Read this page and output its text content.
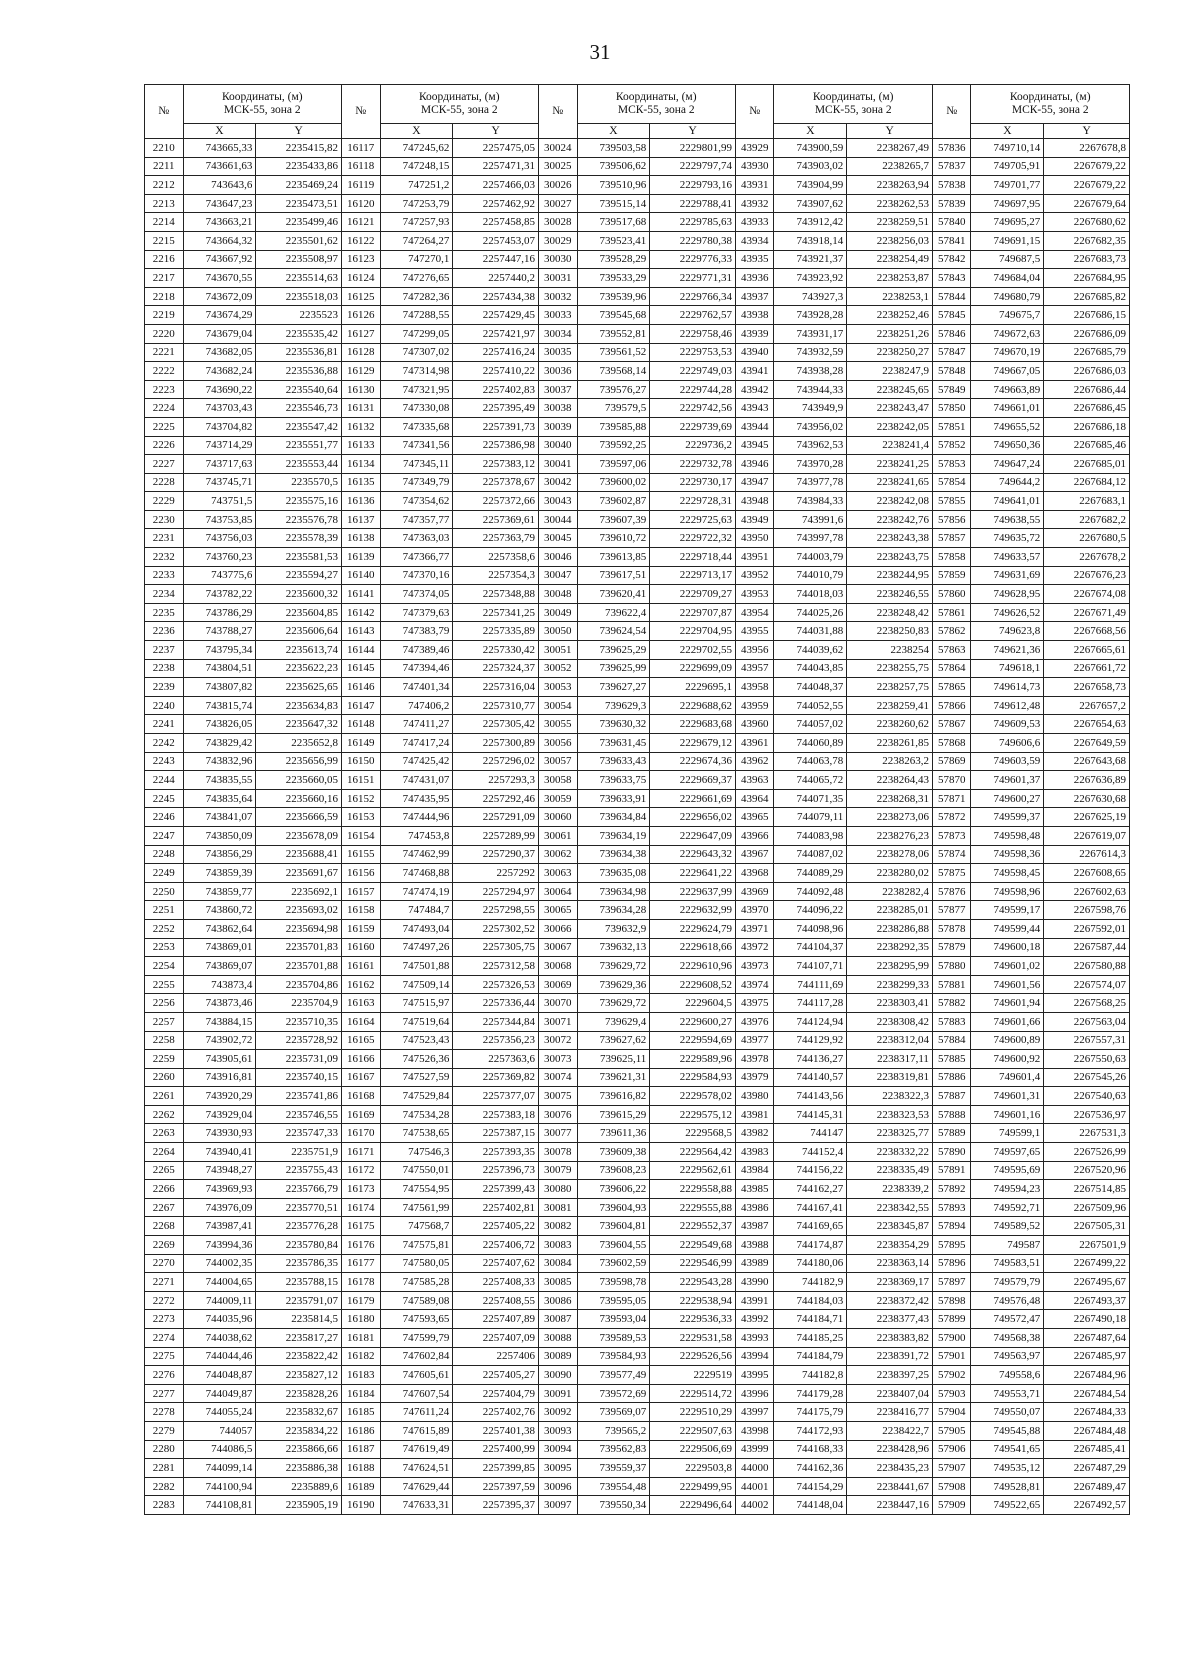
31
№	Координаты, (м)
МСК-55, зона 2		№	Координаты, (м)
МСК-55, зона 2		№	Координаты, (м)
МСК-55, зона 2		№	Координаты, (м)
МСК-55, зона 2		№	Координаты, (м)
МСК-55, зона 2	
	X	Y		X	Y		X	Y		X	Y		X	Y
2210	743665,33	2235415,82	16117	747245,62	2257475,05	30024	739503,58	2229801,99	43929	743900,59	2238267,49	57836	749710,14	2267678,8
2211	743661,63	2235433,86	16118	747248,15	2257471,31	30025	739506,62	2229797,74	43930	743903,02	2238265,7	57837	749705,91	2267679,22
2212	743643,6	2235469,24	16119	747251,2	2257466,03	30026	739510,96	2229793,16	43931	743904,99	2238263,94	57838	749701,77	2267679,22
2213	743647,23	2235473,51	16120	747253,79	2257462,92	30027	739515,14	2229788,41	43932	743907,62	2238262,53	57839	749697,95	2267679,64
2214	743663,21	2235499,46	16121	747257,93	2257458,85	30028	739517,68	2229785,63	43933	743912,42	2238259,51	57840	749695,27	2267680,62
2215	743664,32	2235501,62	16122	747264,27	2257453,07	30029	739523,41	2229780,38	43934	743918,14	2238256,03	57841	749691,15	2267682,35
2216	743667,92	2235508,97	16123	747270,1	2257447,16	30030	739528,29	2229776,33	43935	743921,37	2238254,49	57842	749687,5	2267683,73
2217	743670,55	2235514,63	16124	747276,65	2257440,2	30031	739533,29	2229771,31	43936	743923,92	2238253,87	57843	749684,04	2267684,95
2218	743672,09	2235518,03	16125	747282,36	2257434,38	30032	739539,96	2229766,34	43937	743927,3	2238253,1	57844	749680,79	2267685,82
2219	743674,29	2235523	16126	747288,55	2257429,45	30033	739545,68	2229762,57	43938	743928,28	2238252,46	57845	749675,7	2267686,15
2220	743679,04	2235535,42	16127	747299,05	2257421,97	30034	739552,81	2229758,46	43939	743931,17	2238251,26	57846	749672,63	2267686,09
2221	743682,05	2235536,81	16128	747307,02	2257416,24	30035	739561,52	2229753,53	43940	743932,59	2238250,27	57847	749670,19	2267685,79
2222	743682,24	2235536,88	16129	747314,98	2257410,22	30036	739568,14	2229749,03	43941	743938,28	2238247,9	57848	749667,05	2267686,03
2223	743690,22	2235540,64	16130	747321,95	2257402,83	30037	739576,27	2229744,28	43942	743944,33	2238245,65	57849	749663,89	2267686,44
2224	743703,43	2235546,73	16131	747330,08	2257395,49	30038	739579,5	2229742,56	43943	743949,9	2238243,47	57850	749661,01	2267686,45
2225	743704,82	2235547,42	16132	747335,68	2257391,73	30039	739585,88	2229739,69	43944	743956,02	2238242,05	57851	749655,52	2267686,18
2226	743714,29	2235551,77	16133	747341,56	2257386,98	30040	739592,25	2229736,2	43945	743962,53	2238241,4	57852	749650,36	2267685,46
2227	743717,63	2235553,44	16134	747345,11	2257383,12	30041	739597,06	2229732,78	43946	743970,28	2238241,25	57853	749647,24	2267685,01
2228	743745,71	2235570,5	16135	747349,79	2257378,67	30042	739600,02	2229730,17	43947	743977,78	2238241,65	57854	749644,2	2267684,12
2229	743751,5	2235575,16	16136	747354,62	2257372,66	30043	739602,87	2229728,31	43948	743984,33	2238242,08	57855	749641,01	2267683,1
2230	743753,85	2235576,78	16137	747357,77	2257369,61	30044	739607,39	2229725,63	43949	743991,6	2238242,76	57856	749638,55	2267682,2
2231	743756,03	2235578,39	16138	747363,03	2257363,79	30045	739610,72	2229722,32	43950	743997,78	2238243,38	57857	749635,72	2267680,5
2232	743760,23	2235581,53	16139	747366,77	2257358,6	30046	739613,85	2229718,44	43951	744003,79	2238243,75	57858	749633,57	2267678,2
2233	743775,6	2235594,27	16140	747370,16	2257354,3	30047	739617,51	2229713,17	43952	744010,79	2238244,95	57859	749631,69	2267676,23
2234	743782,22	2235600,32	16141	747374,05	2257348,88	30048	739620,41	2229709,27	43953	744018,03	2238246,55	57860	749628,95	2267674,08
2235	743786,29	2235604,85	16142	747379,63	2257341,25	30049	739622,4	2229707,87	43954	744025,26	2238248,42	57861	749626,52	2267671,49
2236	743788,27	2235606,64	16143	747383,79	2257335,89	30050	739624,54	2229704,95	43955	744031,88	2238250,83	57862	749623,8	2267668,56
2237	743795,34	2235613,74	16144	747389,46	2257330,42	30051	739625,29	2229702,55	43956	744039,62	2238254	57863	749621,36	2267665,61
2238	743804,51	2235622,23	16145	747394,46	2257324,37	30052	739625,99	2229699,09	43957	744043,85	2238255,75	57864	749618,1	2267661,72
2239	743807,82	2235625,65	16146	747401,34	2257316,04	30053	739627,27	2229695,1	43958	744048,37	2238257,75	57865	749614,73	2267658,73
2240	743815,74	2235634,83	16147	747406,2	2257310,77	30054	739629,3	2229688,62	43959	744052,55	2238259,41	57866	749612,48	2267657,2
2241	743826,05	2235647,32	16148	747411,27	2257305,42	30055	739630,32	2229683,68	43960	744057,02	2238260,62	57867	749609,53	2267654,63
2242	743829,42	2235652,8	16149	747417,24	2257300,89	30056	739631,45	2229679,12	43961	744060,89	2238261,85	57868	749606,6	2267649,59
2243	743832,96	2235656,99	16150	747425,42	2257296,02	30057	739633,43	2229674,36	43962	744063,78	2238263,2	57869	749603,59	2267643,68
2244	743835,55	2235660,05	16151	747431,07	2257293,3	30058	739633,75	2229669,37	43963	744065,72	2238264,43	57870	749601,37	2267636,89
2245	743835,64	2235660,16	16152	747435,95	2257292,46	30059	739633,91	2229661,69	43964	744071,35	2238268,31	57871	749600,27	2267630,68
2246	743841,07	2235666,59	16153	747444,96	2257291,09	30060	739634,84	2229656,02	43965	744079,11	2238273,06	57872	749599,37	2267625,19
2247	743850,09	2235678,09	16154	747453,8	2257289,99	30061	739634,19	2229647,09	43966	744083,98	2238276,23	57873	749598,48	2267619,07
2248	743856,29	2235688,41	16155	747462,99	2257290,37	30062	739634,38	2229643,32	43967	744087,02	2238278,06	57874	749598,36	2267614,3
2249	743859,39	2235691,67	16156	747468,88	2257292	30063	739635,08	2229641,22	43968	744089,29	2238280,02	57875	749598,45	2267608,65
2250	743859,77	2235692,1	16157	747474,19	2257294,97	30064	739634,98	2229637,99	43969	744092,48	2238282,4	57876	749598,96	2267602,63
2251	743860,72	2235693,02	16158	747484,7	2257298,55	30065	739634,28	2229632,99	43970	744096,22	2238285,01	57877	749599,17	2267598,76
2252	743862,64	2235694,98	16159	747493,04	2257302,52	30066	739632,9	2229624,79	43971	744098,96	2238286,88	57878	749599,44	2267592,01
2253	743869,01	2235701,83	16160	747497,26	2257305,75	30067	739632,13	2229618,66	43972	744104,37	2238292,35	57879	749600,18	2267587,44
2254	743869,07	2235701,88	16161	747501,88	2257312,58	30068	739629,72	2229610,96	43973	744107,71	2238295,99	57880	749601,02	2267580,88
2255	743873,4	2235704,86	16162	747509,14	2257326,53	30069	739629,36	2229608,52	43974	744111,69	2238299,33	57881	749601,56	2267574,07
2256	743873,46	2235704,9	16163	747515,97	2257336,44	30070	739629,72	2229604,5	43975	744117,28	2238303,41	57882	749601,94	2267568,25
2257	743884,15	2235710,35	16164	747519,64	2257344,84	30071	739629,4	2229600,27	43976	744124,94	2238308,42	57883	749601,66	2267563,04
2258	743902,72	2235728,92	16165	747523,43	2257356,23	30072	739627,62	2229594,69	43977	744129,92	2238312,04	57884	749600,89	2267557,31
2259	743905,61	2235731,09	16166	747526,36	2257363,6	30073	739625,11	2229589,96	43978	744136,27	2238317,11	57885	749600,92	2267550,63
2260	743916,81	2235740,15	16167	747527,59	2257369,82	30074	739621,31	2229584,93	43979	744140,57	2238319,81	57886	749601,4	2267545,26
2261	743920,29	2235741,86	16168	747529,84	2257377,07	30075	739616,82	2229578,02	43980	744143,56	2238322,3	57887	749601,31	2267540,63
2262	743929,04	2235746,55	16169	747534,28	2257383,18	30076	739615,29	2229575,12	43981	744145,31	2238323,53	57888	749601,16	2267536,97
2263	743930,93	2235747,33	16170	747538,65	2257387,15	30077	739611,36	2229568,5	43982	744147	2238325,77	57889	749599,1	2267531,3
2264	743940,41	2235751,9	16171	747546,3	2257393,35	30078	739609,38	2229564,42	43983	744152,4	2238332,22	57890	749597,65	2267526,99
2265	743948,27	2235755,43	16172	747550,01	2257396,73	30079	739608,23	2229562,61	43984	744156,22	2238335,49	57891	749595,69	2267520,96
2266	743969,93	2235766,79	16173	747554,95	2257399,43	30080	739606,22	2229558,88	43985	744162,27	2238339,2	57892	749594,23	2267514,85
2267	743976,09	2235770,51	16174	747561,99	2257402,81	30081	739604,93	2229555,88	43986	744167,41	2238342,55	57893	749592,71	2267509,96
2268	743987,41	2235776,28	16175	747568,7	2257405,22	30082	739604,81	2229552,37	43987	744169,65	2238345,87	57894	749589,52	2267505,31
2269	743994,36	2235780,84	16176	747575,81	2257406,72	30083	739604,55	2229549,68	43988	744174,87	2238354,29	57895	749587	2267501,9
2270	744002,35	2235786,35	16177	747580,05	2257407,62	30084	739602,59	2229546,99	43989	744180,06	2238363,14	57896	749583,51	2267499,22
2271	744004,65	2235788,15	16178	747585,28	2257408,33	30085	739598,78	2229543,28	43990	744182,9	2238369,17	57897	749579,79	2267495,67
2272	744009,11	2235791,07	16179	747589,08	2257408,55	30086	739595,05	2229538,94	43991	744184,03	2238372,42	57898	749576,48	2267493,37
2273	744035,96	2235814,5	16180	747593,65	2257407,89	30087	739593,04	2229536,33	43992	744184,71	2238377,43	57899	749572,47	2267490,18
2274	744038,62	2235817,27	16181	747599,79	2257407,09	30088	739589,53	2229531,58	43993	744185,25	2238383,82	57900	749568,38	2267487,64
2275	744044,46	2235822,42	16182	747602,84	2257406	30089	739584,93	2229526,56	43994	744184,79	2238391,72	57901	749563,97	2267485,97
2276	744048,87	2235827,12	16183	747605,61	2257405,27	30090	739577,49	2229519	43995	744182,8	2238397,25	57902	749558,6	2267484,96
2277	744049,87	2235828,26	16184	747607,54	2257404,79	30091	739572,69	2229514,72	43996	744179,28	2238407,04	57903	749553,71	2267484,54
2278	744055,24	2235832,67	16185	747611,24	2257402,76	30092	739569,07	2229510,29	43997	744175,79	2238416,77	57904	749550,07	2267484,33
2279	744057	2235834,22	16186	747615,89	2257401,38	30093	739565,2	2229507,63	43998	744172,93	2238422,7	57905	749545,88	2267484,48
2280	744086,5	2235866,66	16187	747619,49	2257400,99	30094	739562,83	2229506,69	43999	744168,33	2238428,96	57906	749541,65	2267485,41
2281	744099,14	2235886,38	16188	747624,51	2257399,85	30095	739559,37	2229503,8	44000	744162,36	2238435,23	57907	749535,12	2267487,29
2282	744100,94	2235889,6	16189	747629,44	2257397,59	30096	739554,48	2229499,95	44001	744154,29	2238441,67	57908	749528,81	2267489,47
2283	744108,81	2235905,19	16190	747633,31	2257395,37	30097	739550,34	2229496,64	44002	744148,04	2238447,16	57909	749522,65	2267492,57
